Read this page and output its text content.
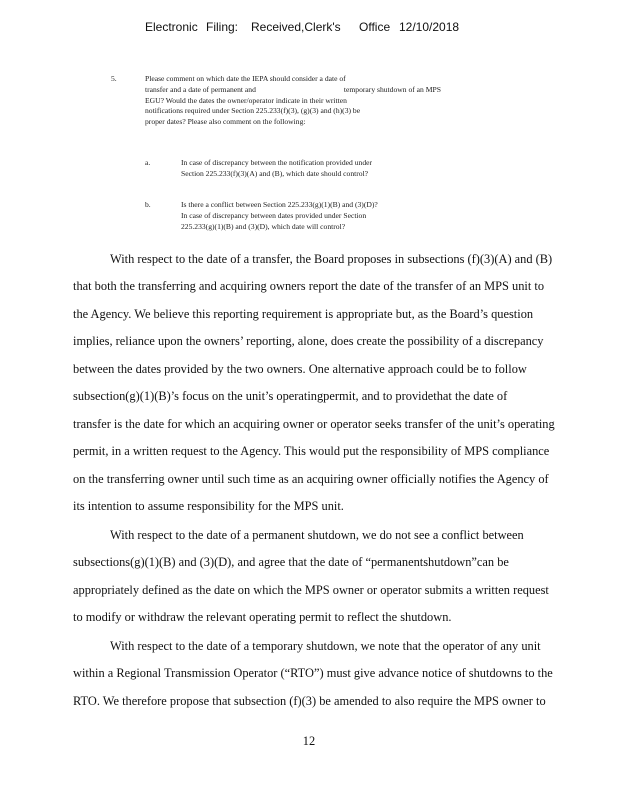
Electronic Filing: Received,Clerk's Office 12/10/2018
5.	Please comment on which date the IEPA should consider a date of
transfer and a date of permanent and	temporary shutdown of an MPS
EGU? Would the dates the owner/operator indicate in their written
notifications required under Section 225.233(f)(3), (g)(3) and (h)(3) be
proper dates? Please also comment on the following:
a.	In case of discrepancy between the notification provided under
Section 225.233(f)(3)(A) and (B), which date should control?
b.	Is there a conflict between Section 225.233(g)(1)(B) and (3)(D)?
In case of discrepancy between dates provided under Section
225.233(g)(1)(B) and (3)(D), which date will control?
With respect to the date of a transfer, the Board proposes in subsections (f)(3)(A) and (B)
that both the transferring and acquiring owners report the date of the transfer of an MPS unit to
the Agency. We believe this reporting requirement is appropriate but, as the Board’s question
implies, reliance upon the owners’ reporting, alone, does create the possibility of a discrepancy
between the dates provided by the two owners. One alternative approach could be to follow
subsection(g)(1)(B)’s focus on the unit’s operatingpermit, and to providethat the date of
transfer is the date for which an acquiring owner or operator seeks transfer of the unit’s operating
permit, in a written request to the Agency. This would put the responsibility of MPS compliance
on the transferring owner until such time as an acquiring owner officially notifies the Agency of
its intention to assume responsibility for the MPS unit.
With respect to the date of a permanent shutdown, we do not see a conflict between
subsections(g)(1)(B) and (3)(D), and agree that the date of “permanentshutdown”can be
appropriately defined as the date on which the MPS owner or operator submits a written request
to modify or withdraw the relevant operating permit to reflect the shutdown.
With respect to the date of a temporary shutdown, we note that the operator of any unit
within a Regional Transmission Operator (“RTO”) must give advance notice of shutdowns to the
RTO. We therefore propose that subsection (f)(3) be amended to also require the MPS owner to
12
